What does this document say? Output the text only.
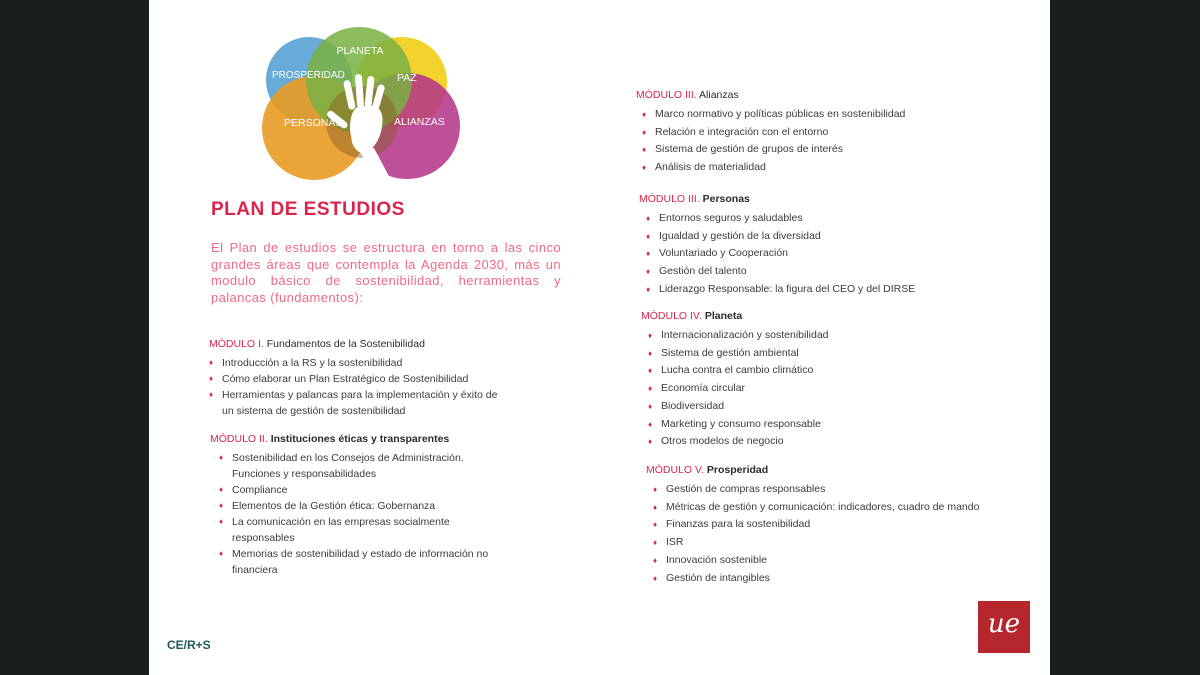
PLANETA
PROSPERIDAD	PAZ
PERSONAS	ALIANZAS
PLAN DE ESTUDIOS

El Plan de estudios se estructura en torno a las cinco grandes áreas que contempla la Agenda 2030, más un modulo básico de sostenibilidad, herramientas y palancas (fundamentos):

MÓDULO I. Fundamentos de la Sostenibilidad
♦ Introducción a la RS y la sostenibilidad
♦ Cómo elaborar un Plan Estratégico de Sostenibilidad
♦ Herramientas y palancas para la implementación y éxito de
un sistema de gestión de sostenibilidad
MÓDULO II. Instituciones éticas y transparentes
♦ Sostenibilidad en los Consejos de Administración.
Funciones y responsabilidades
♦ Compliance
♦ Elementos de la Gestión ética: Gobernanza
♦ La comunicación en las empresas socialmente
responsables
♦ Memorias de sostenibilidad y estado de información no
financiera
MÓDULO III. Alianzas
♦ Marco normativo y políticas públicas en sostenibilidad
♦ Relación e integración con el entorno
♦ Sistema de gestión de grupos de interés
♦ Análisis de materialidad
MÓDULO III. Personas
♦ Entornos seguros y saludables
♦ Igualdad y gestión de la diversidad
♦ Voluntariado y Cooperación
♦ Gestión del talento
♦ Liderazgo Responsable: la figura del CEO y del DIRSE
MÓDULO IV. Planeta
♦ Internacionalización y sostenibilidad
♦ Sistema de gestión ambiental
♦ Lucha contra el cambio climático
♦ Economía circular
♦ Biodiversidad
♦ Marketing y consumo responsable
♦ Otros modelos de negocio
MÓDULO V. Prosperidad
♦ Gestión de compras responsables
♦ Métricas de gestión y comunicación: indicadores, cuadro de mando
♦ Finanzas para la sostenibilidad
♦ ISR
♦ Innovación sostenible
♦ Gestión de intangibles

CE/R+S

ue
